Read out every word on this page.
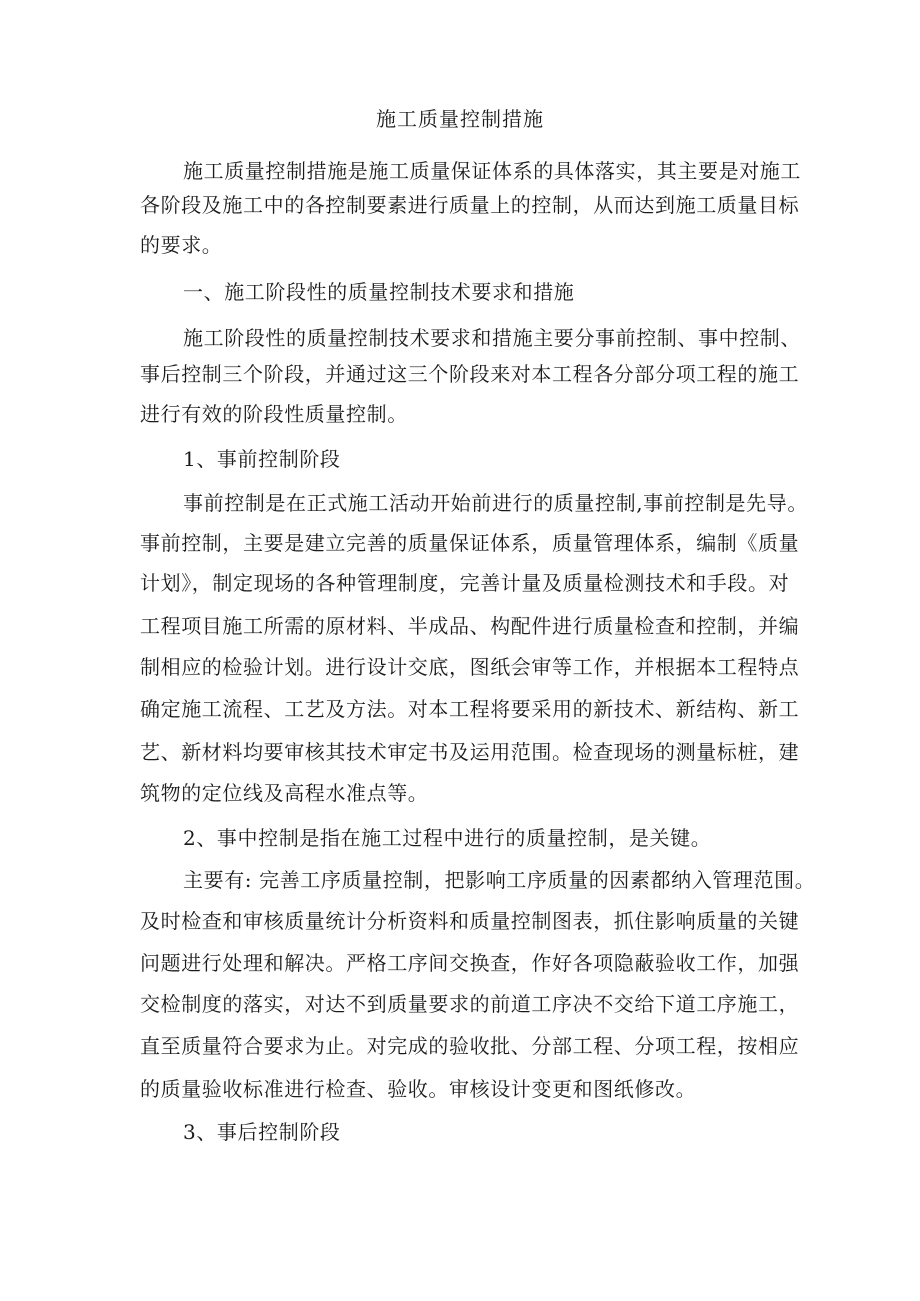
施工质量控制措施
施工质量控制措施是施工质量保证体系的具体落实，其主要是对施工
各阶段及施工中的各控制要素进行质量上的控制，从而达到施工质量目标
的要求。
一、施工阶段性的质量控制技术要求和措施
施工阶段性的质量控制技术要求和措施主要分事前控制、事中控制、
事后控制三个阶段，并通过这三个阶段来对本工程各分部分项工程的施工
进行有效的阶段性质量控制。
1、事前控制阶段
事前控制是在正式施工活动开始前进行的质量控制,事前控制是先导。
事前控制，主要是建立完善的质量保证体系，质量管理体系，编制《质量
计划》，制定现场的各种管理制度，完善计量及质量检测技术和手段。对
工程项目施工所需的原材料、半成品、构配件进行质量检查和控制，并编
制相应的检验计划。进行设计交底，图纸会审等工作，并根据本工程特点
确定施工流程、工艺及方法。对本工程将要采用的新技术、新结构、新工
艺、新材料均要审核其技术审定书及运用范围。检查现场的测量标桩，建
筑物的定位线及高程水准点等。
2、事中控制是指在施工过程中进行的质量控制，是关键。
主要有: 完善工序质量控制，把影响工序质量的因素都纳入管理范围。
及时检查和审核质量统计分析资料和质量控制图表，抓住影响质量的关键
问题进行处理和解决。严格工序间交换查，作好各项隐蔽验收工作，加强
交检制度的落实，对达不到质量要求的前道工序决不交给下道工序施工，
直至质量符合要求为止。对完成的验收批、分部工程、分项工程，按相应
的质量验收标准进行检查、验收。审核设计变更和图纸修改。
3、事后控制阶段
